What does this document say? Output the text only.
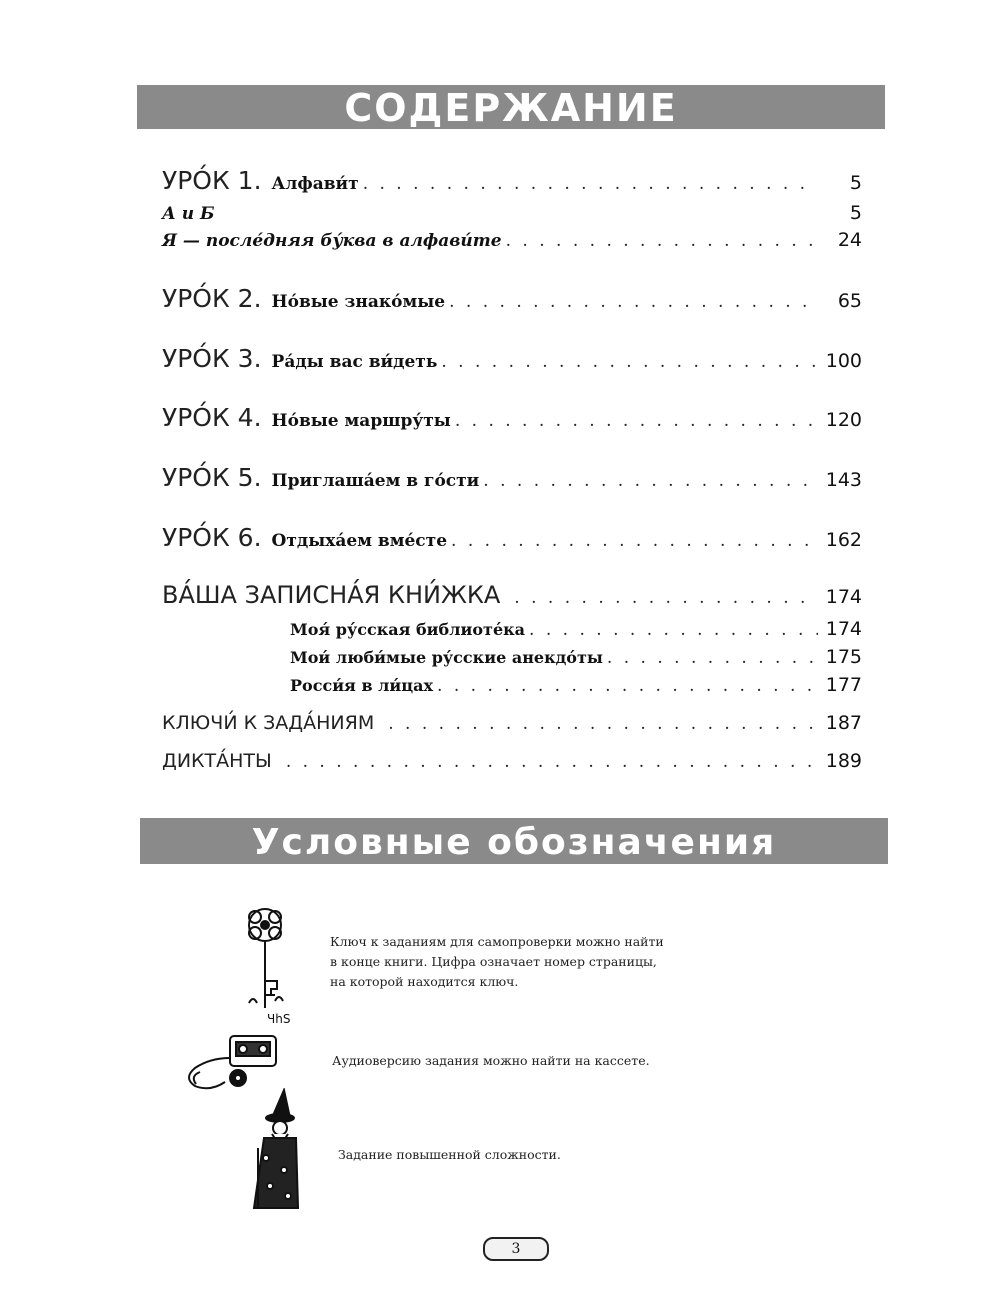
СОДЕРЖАНИЕ
УРО́К 1. Алфави́т . . .	5
А и Б	5
Я — после́дняя бу́ква в алфави́те . . .	24
УРО́К 2. Но́вые знако́мые . . .	65
УРО́К 3. Ра́ды вас ви́деть . . .	100
УРО́К 4. Но́вые маршру́ты . . .	120
УРО́К 5. Приглаша́ем в го́сти . . .	143
УРО́К 6. Отдыха́ем вме́сте . . .	162
ВА́ША ЗАПИСНА́Я КНИ́ЖКА . . .	174
Моя́ ру́сская библиоте́ка . . .	174
Мои́ люби́мые ру́сские анекдо́ты . . .	175
Росси́я в ли́цах . . .	177
КЛЮЧИ́ К ЗАДА́НИЯМ . . .	187
ДИКТА́НТЫ . . .	189
Условные обозначения
ЧhS
Ключ к заданиям для самопроверки можно найти
в конце книги. Цифра означает номер страницы,
на которой находится ключ.
Аудиоверсию задания можно найти на кассете.
Задание повышенной сложности.
3
